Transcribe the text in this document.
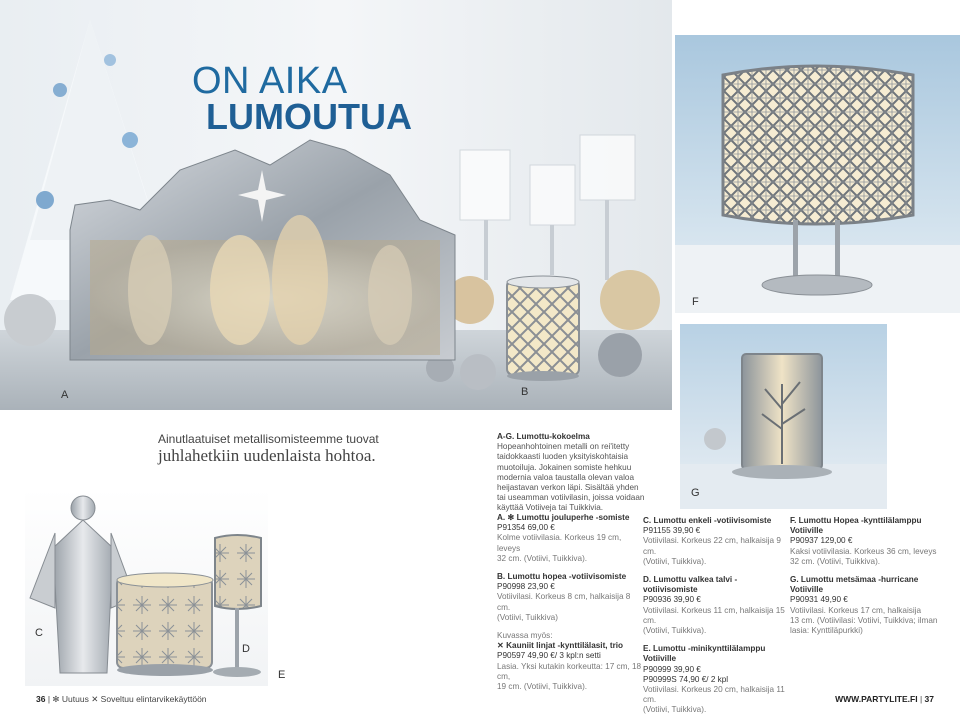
ON AIKA
LUMOUTUA
A	B
F
G
C
D
E
Ainutlaatuiset metallisomisteemme tuovat
juhlahetkiin uudenlaista hohtoa.
A-G. Lumottu-kokoelma
Hopeanhohtoinen metalli on rei'itetty
taidokkaasti luoden yksityiskohtaisia
muotoiluja. Jokainen somiste hehkuu
modernia valoa taustalla olevan valoa
heijastavan verkon läpi. Sisältää yhden
tai useamman votiivilasin, joissa voidaan
käyttää Votiiveja tai Tuikkivia.
A. ✻ Lumottu jouluperhe -somiste
P91354 69,00 €
Kolme votiivilasia. Korkeus 19 cm, leveys
32 cm. (Votiivi, Tuikkiva).
B. Lumottu hopea -votiivisomiste
P90998 23,90 €
Votiivilasi. Korkeus 8 cm, halkaisija 8 cm.
(Votiivi, Tuikkiva)
Kuvassa myös:
✕ Kauniit linjat -kynttilälasit, trio
P90597 49,90 €/ 3 kpl:n setti
Lasia. Yksi kutakin korkeutta: 17 cm, 18 cm,
19 cm. (Votiivi, Tuikkiva).
C. Lumottu enkeli -votiivisomiste
P91155 39,90 €
Votiivilasi. Korkeus 22 cm, halkaisija 9 cm.
(Votiivi, Tuikkiva).
D. Lumottu valkea talvi -votiivisomiste
P90936 39,90 €
Votiivilasi. Korkeus 11 cm, halkaisija 15 cm.
(Votiivi, Tuikkiva).
E. Lumottu -minikynttilälamppu
Votiiville
P90999 39,90 €
P90999S 74,90 €/ 2 kpl
Votiivilasi. Korkeus 20 cm, halkaisija 11 cm.
(Votiivi, Tuikkiva).
F. Lumottu Hopea -kynttilälamppu
Votiiville
P90937 129,00 €
Kaksi votiivilasia. Korkeus 36 cm, leveys
32 cm. (Votiivi, Tuikkiva).
G. Lumottu metsämaa -hurricane
Votiiville
P90931 49,90 €
Votiivilasi. Korkeus 17 cm, halkaisija
13 cm. (Votiivilasi: Votiivi, Tuikkiva; ilman
lasia: Kynttiläpurkki)
36 | ✻ Uutuus ✕ Soveltuu elintarvikekäyttöön	WWW.PARTYLITE.FI | 37
